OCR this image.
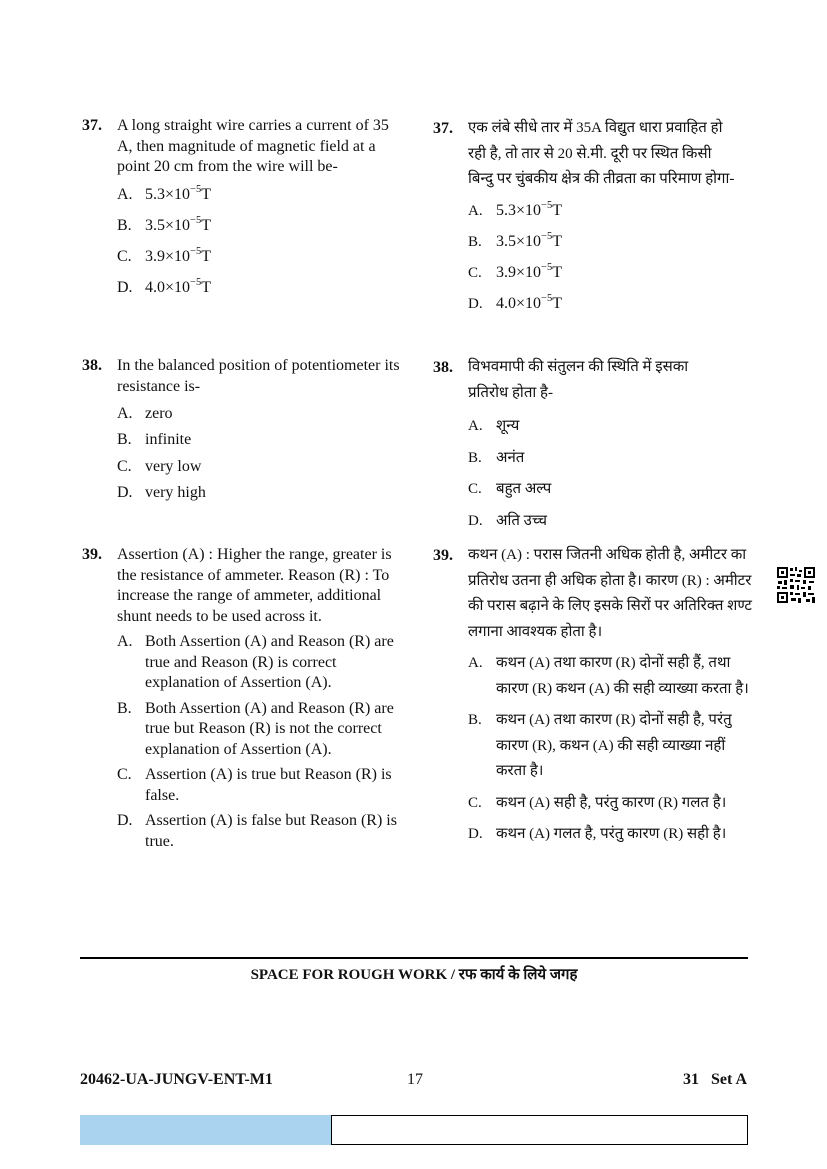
37. A long straight wire carries a current of 35 A, then magnitude of magnetic field at a point 20 cm from the wire will be-
A. $5.3\times 10^{-5}T$
B. $3.5\times 10^{-5}T$
C. $3.9\times 10^{-5}T$
D. $4.0\times 10^{-5}T$
38. In the balanced position of potentiometer its resistance is-
A. zero
B. infinite
C. very low
D. very high
39. Assertion (A) : Higher the range, greater is the resistance of ammeter. Reason (R) : To increase the range of ammeter, additional shunt needs to be used across it.
A. Both Assertion (A) and Reason (R) are true and Reason (R) is correct explanation of Assertion (A).
B. Both Assertion (A) and Reason (R) are true but Reason (R) is not the correct explanation of Assertion (A).
C. Assertion (A) is true but Reason (R) is false.
D. Assertion (A) is false but Reason (R) is true.
37. एक लंबे सीधे तार में 35A विद्युत धारा प्रवाहित हो रही है, तो तार से 20 से.मी. दूरी पर स्थित किसी बिन्दु पर चुंबकीय क्षेत्र की तीव्रता का परिमाण होगा-
A. $5.3\times 10^{-5}T$
B. $3.5\times 10^{-5}T$
C. $3.9\times 10^{-5}T$
D. $4.0\times 10^{-5}T$
38. विभवमापी की संतुलन की स्थिति में इसका प्रतिरोध होता है-
A. शून्य
B. अनंत
C. बहुत अल्प
D. अति उच्च
39. कथन (A) : परास जितनी अधिक होती है, अमीटर का प्रतिरोध उतना ही अधिक होता है। कारण (R) : अमीटर की परास बढ़ाने के लिए इसके सिरों पर अतिरिक्त शण्ट लगाना आवश्यक होता है।
A. कथन (A) तथा कारण (R) दोनों सही हैं, तथा कारण (R) कथन (A) की सही व्याख्या करता है।
B. कथन (A) तथा कारण (R) दोनों सही है, परंतु कारण (R), कथन (A) की सही व्याख्या नहीं करता है।
C. कथन (A) सही है, परंतु कारण (R) गलत है।
D. कथन (A) गलत है, परंतु कारण (R) सही है।
SPACE FOR ROUGH WORK / रफ कार्य के लिये जगह
20462-UA-JUNGV-ENT-M1	17	31   Set A
